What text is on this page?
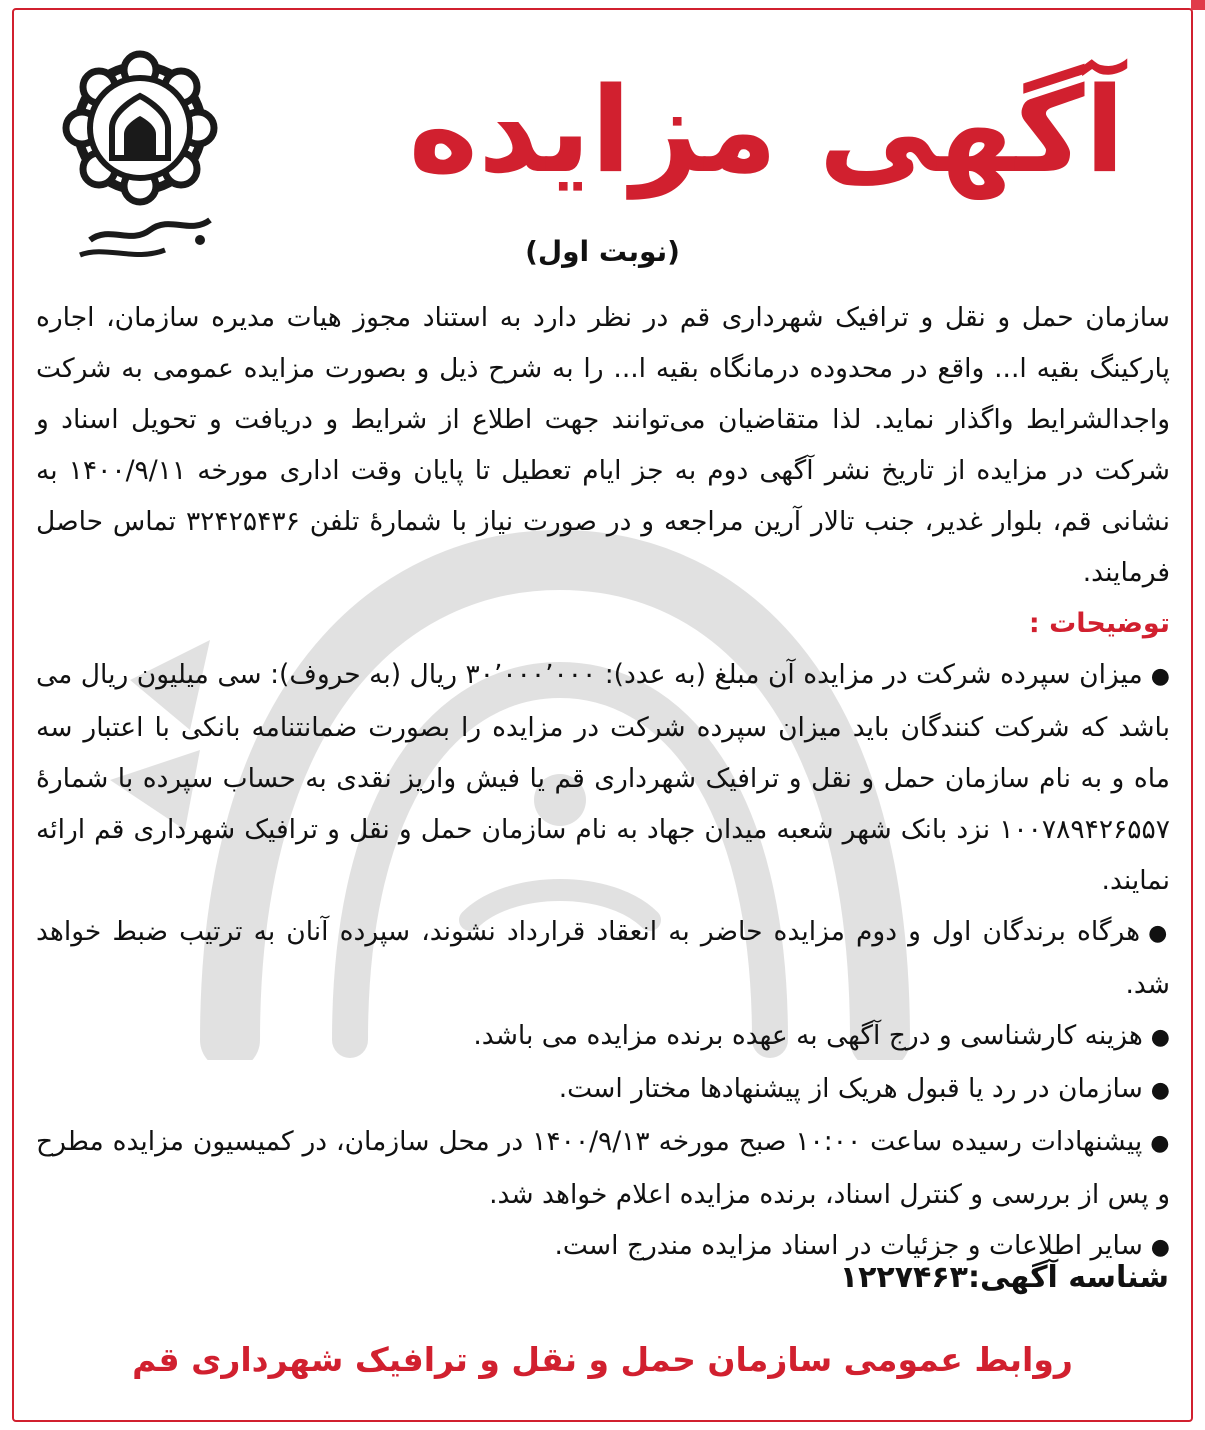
آگهی مزایده
(نوبت اول)

سازمان حمل و نقل و ترافیک شهرداری قم در نظر دارد به استناد مجوز هیات مدیره سازمان، اجاره پارکینگ بقیه ا... واقع در محدوده درمانگاه بقیه ا... را به شرح ذیل و بصورت مزایده عمومی به شرکت واجدالشرایط واگذار نماید. لذا متقاضیان می‌توانند جهت اطلاع از شرایط و دریافت و تحویل اسناد و شرکت در مزایده از تاریخ نشر آگهی دوم به جز ایام تعطیل تا پایان وقت اداری مورخه ۱۴۰۰/۹/۱۱ به نشانی قم، بلوار غدیر، جنب تالار آرین مراجعه و در صورت نیاز با شمارهٔ تلفن ۳۲۴۲۵۴۳۶ تماس حاصل فرمایند.

توضیحات :

●میزان سپرده شرکت در مزایده آن مبلغ (به عدد): ۳۰٬۰۰۰٬۰۰۰ ریال (به حروف): سی میلیون ریال می باشد که شرکت کنندگان باید میزان سپرده شرکت در مزایده را بصورت ضمانتنامه بانکی با اعتبار سه ماه و به نام سازمان حمل و نقل و ترافیک شهرداری قم یا فیش واریز نقدی به حساب سپرده با شمارهٔ ۱۰۰۷۸۹۴۲۶۵۵۷ نزد بانک شهر شعبه میدان جهاد به نام سازمان حمل و نقل و ترافیک شهرداری قم ارائه نمایند.

●هرگاه برندگان اول و دوم مزایده حاضر به انعقاد قرارداد نشوند، سپرده آنان به ترتیب ضبط خواهد شد.

●هزینه کارشناسی و درج آگهی به عهده برنده مزایده می باشد.

●سازمان در رد یا قبول هریک از پیشنهادها مختار است.

●پیشنهادات رسیده ساعت ۱۰:۰۰ صبح مورخه ۱۴۰۰/۹/۱۳ در محل سازمان، در کمیسیون مزایده مطرح و پس از بررسی و کنترل اسناد، برنده مزایده اعلام خواهد شد.

●سایر اطلاعات و جزئیات در اسناد مزایده مندرج است.

شناسه آگهی:۱۲۲۷۴۶۳
روابط عمومی سازمان حمل و نقل و ترافیک شهرداری قم
